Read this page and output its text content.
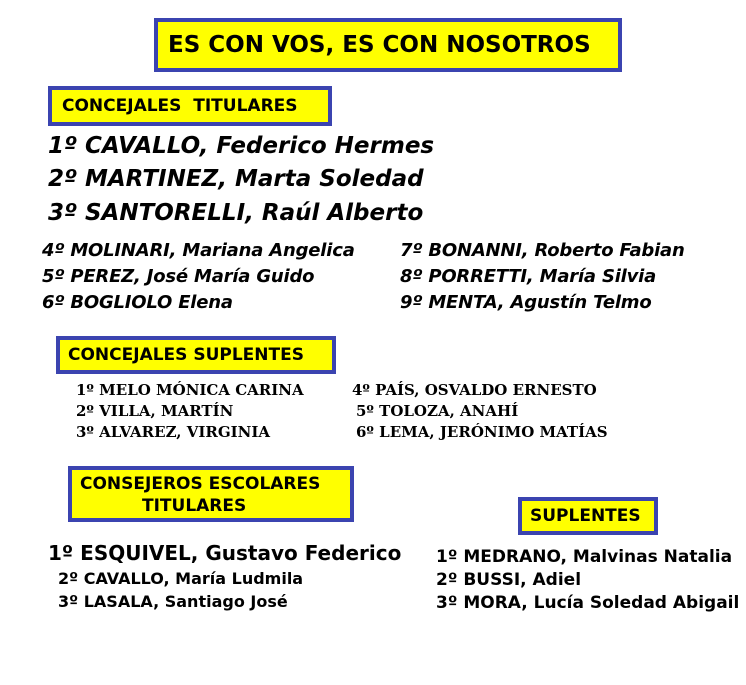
ES CON VOS, ES CON NOSOTROS
CONCEJALES  TITULARES
1º CAVALLO, Federico Hermes
2º MARTINEZ, Marta Soledad
3º SANTORELLI, Raúl Alberto
4º MOLINARI, Mariana Angelica
5º PEREZ, José María Guido
6º BOGLIOLO Elena
7º BONANNI, Roberto Fabian
8º PORRETTI, María Silvia
9º MENTA, Agustín Telmo
CONCEJALES SUPLENTES
1º MELO MÓNICA CARINA
2º VILLA, MARTÍN
3º ALVAREZ, VIRGINIA
4º PAÍS, OSVALDO ERNESTO
5º TOLOZA, ANAHÍ
6º LEMA, JERÓNIMO MATÍAS
CONSEJEROS ESCOLARES
TITULARES
1º ESQUIVEL, Gustavo Federico
2º CAVALLO, María Ludmila
3º LASALA, Santiago José
SUPLENTES
1º MEDRANO, Malvinas Natalia
2º BUSSI, Adiel
3º MORA, Lucía Soledad Abigail
